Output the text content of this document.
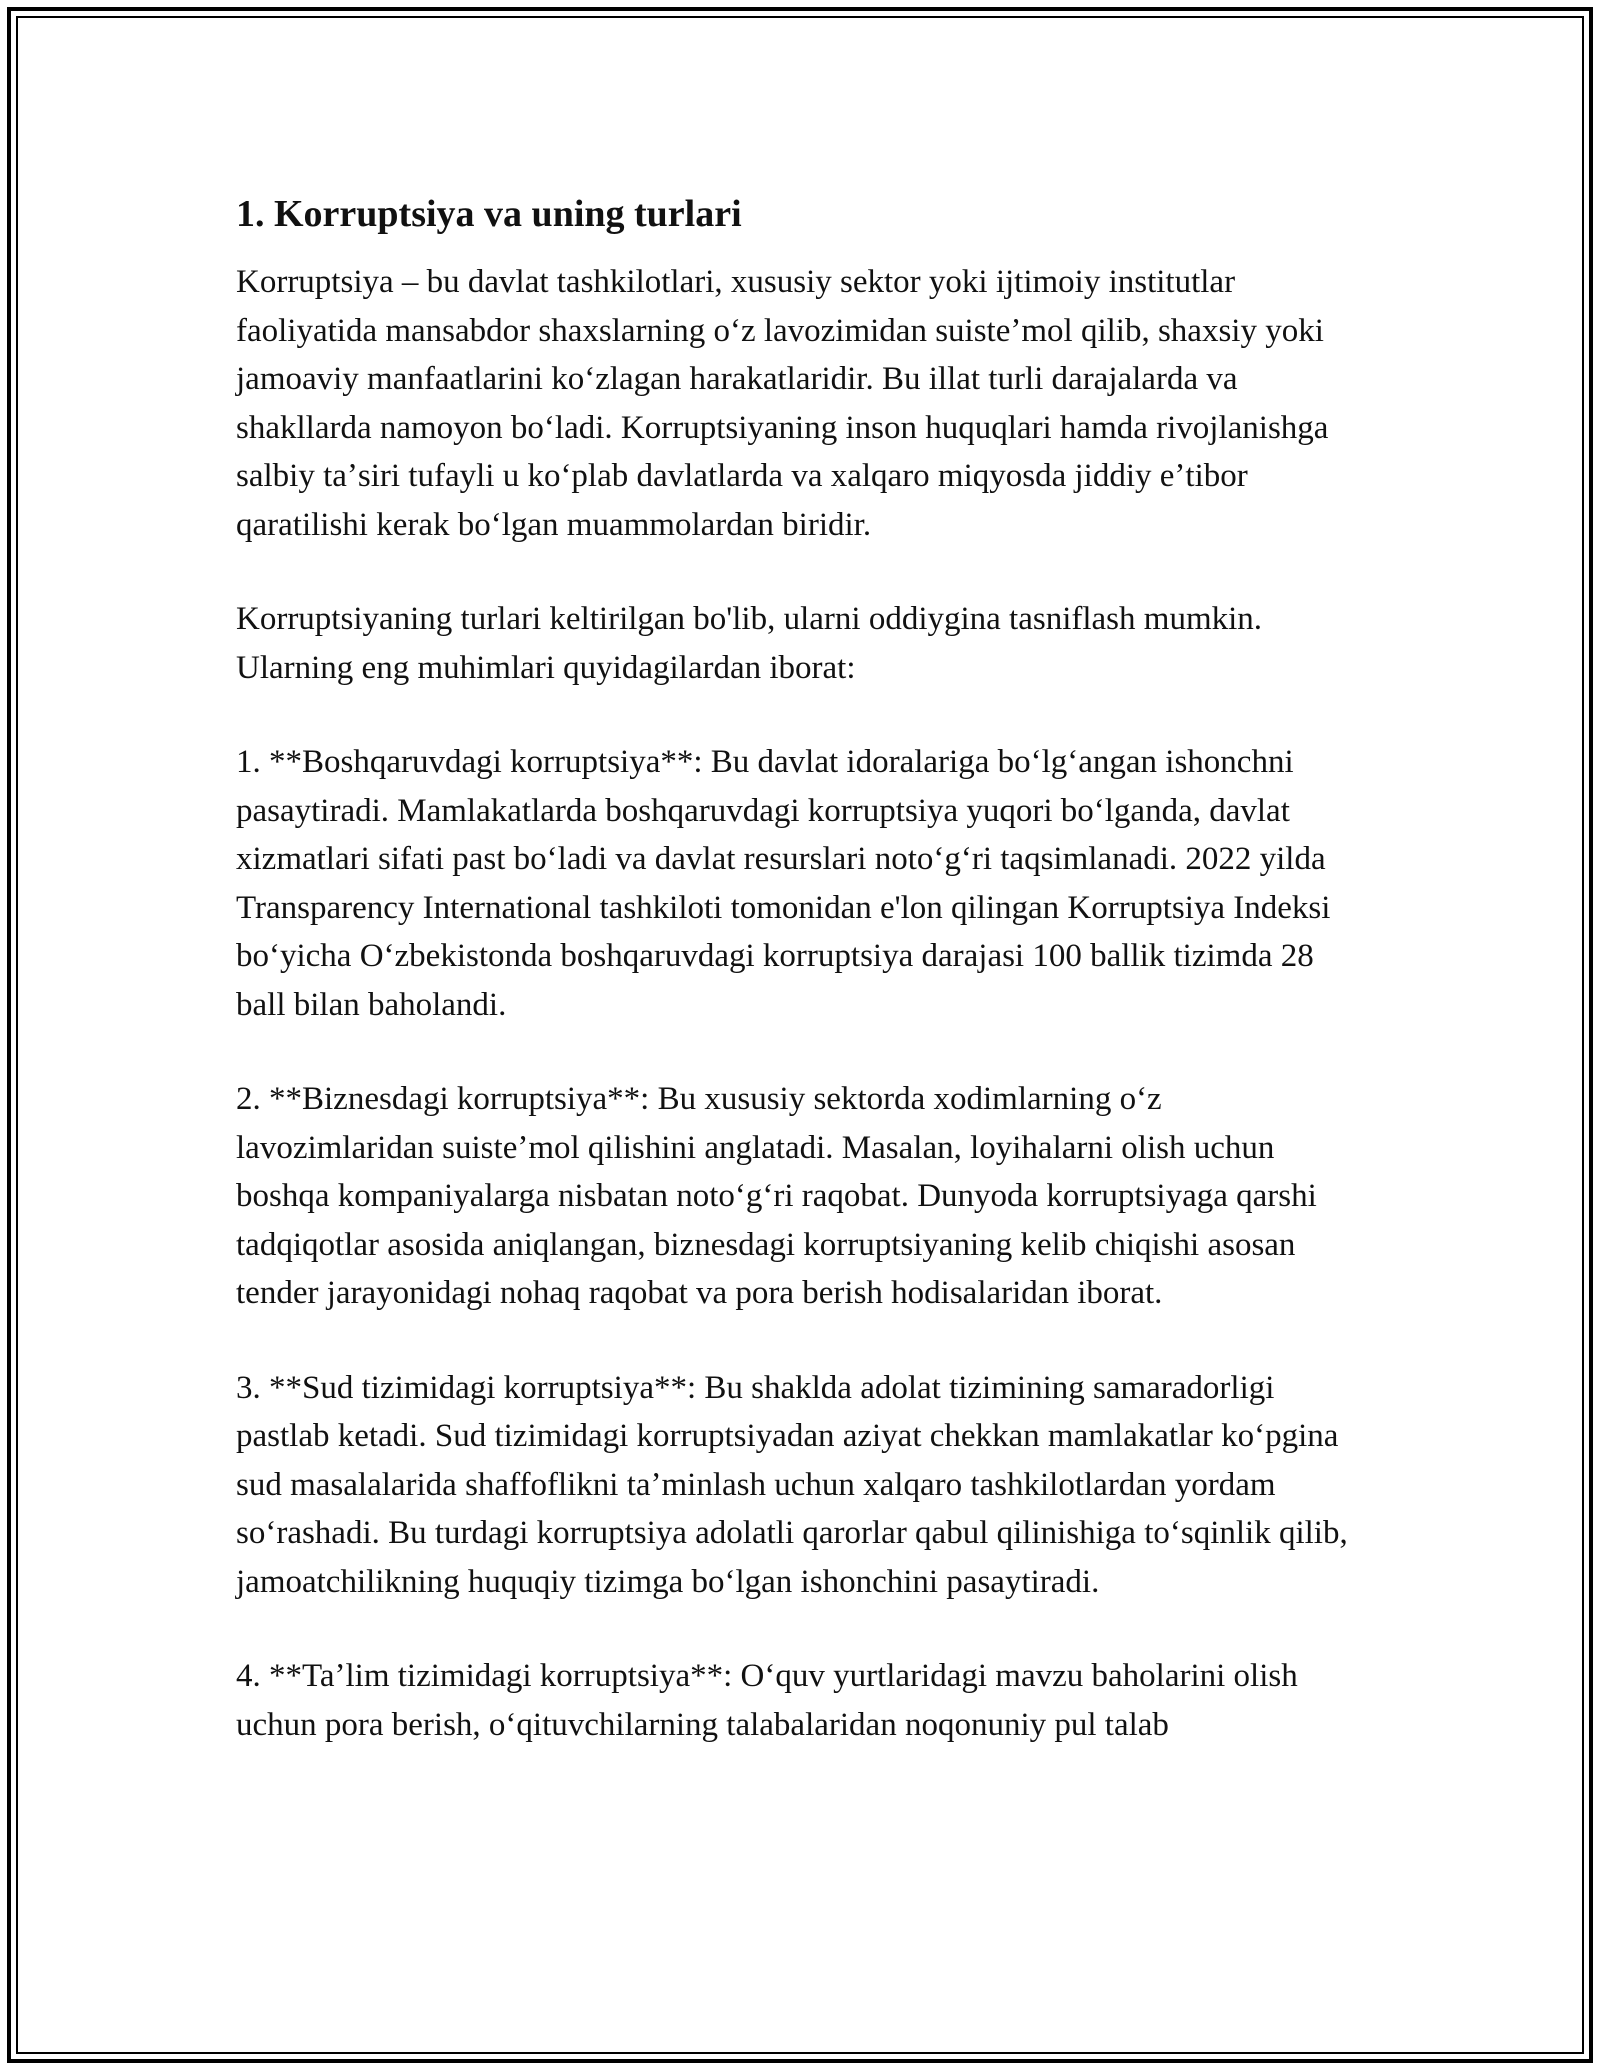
1. Korruptsiya va uning turlari

Korruptsiya – bu davlat tashkilotlari, xususiy sektor yoki ijtimoiy institutlar faoliyatida mansabdor shaxslarning oʻz lavozimidan suisteʼmol qilib, shaxsiy yoki jamoaviy manfaatlarini koʻzlagan harakatlaridir. Bu illat turli darajalarda va shakllarda namoyon boʻladi. Korruptsiyaning inson huquqlari hamda rivojlanishga salbiy taʼsiri tufayli u koʻplab davlatlarda va xalqaro miqyosda jiddiy eʼtibor qaratilishi kerak boʻlgan muammolardan biridir.

Korruptsiyaning turlari keltirilgan bo'lib, ularni oddiygina tasniflash mumkin. Ularning eng muhimlari quyidagilardan iborat:

1. **Boshqaruvdagi korruptsiya**: Bu davlat idoralariga boʻlgʻangan ishonchni pasaytiradi. Mamlakatlarda boshqaruvdagi korruptsiya yuqori boʻlganda, davlat xizmatlari sifati past boʻladi va davlat resurslari notoʻgʻri taqsimlanadi. 2022 yilda Transparency International tashkiloti tomonidan e'lon qilingan Korruptsiya Indeksi boʻyicha Oʻzbekistonda boshqaruvdagi korruptsiya darajasi 100 ballik tizimda 28 ball bilan baholandi.

2. **Biznesdagi korruptsiya**: Bu xususiy sektorda xodimlarning oʻz lavozimlaridan suisteʼmol qilishini anglatadi. Masalan, loyihalarni olish uchun boshqa kompaniyalarga nisbatan notoʻgʻri raqobat. Dunyoda korruptsiyaga qarshi tadqiqotlar asosida aniqlangan, biznesdagi korruptsiyaning kelib chiqishi asosan tender jarayonidagi nohaq raqobat va pora berish hodisalaridan iborat.

3. **Sud tizimidagi korruptsiya**: Bu shaklda adolat tizimining samaradorligi pastlab ketadi. Sud tizimidagi korruptsiyadan aziyat chekkan mamlakatlar koʻpgina sud masalalarida shaffoflikni taʼminlash uchun xalqaro tashkilotlardan yordam soʻrashadi. Bu turdagi korruptsiya adolatli qarorlar qabul qilinishiga toʻsqinlik qilib, jamoatchilikning huquqiy tizimga boʻlgan ishonchini pasaytiradi.

4. **Taʼlim tizimidagi korruptsiya**: Oʻquv yurtlaridagi mavzu baholarini olish uchun pora berish, oʻqituvchilarning talabalaridan noqonuniy pul talab
